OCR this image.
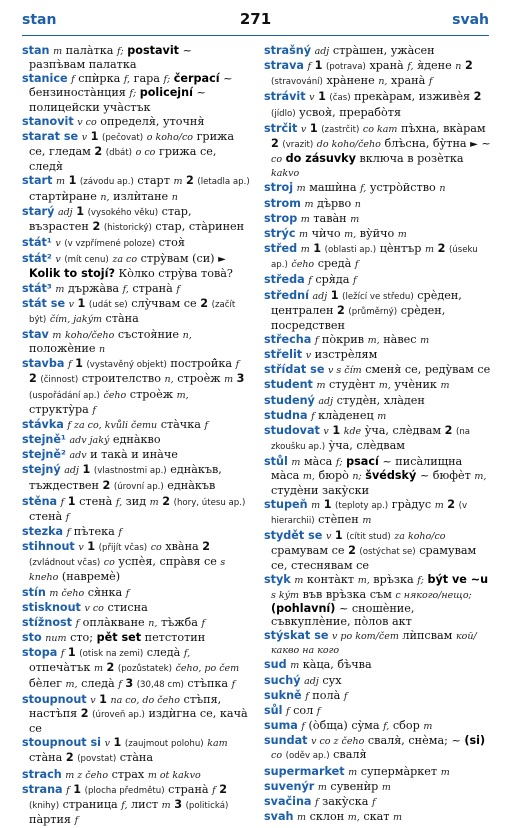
stan	271	svah

stan m пала̀тка f; postavit ~ разпъ̀вам палатка

stanice f спѝрка f, гара f; čerpací ~ бензиноста̀нция f; policejní ~ полицейски уча̀стък

stanovit v co определя̀, уточня̀

starat se v 1 (pečovat) o koho/co грижа се, гледам 2 (dbát) o co грижа се, следя̀

start m 1 (závodu ap.) старт m 2 (letadla ap.) стартѝране n, излѝтане n

starý adj 1 (vysokého věku) стар, възрастен 2 (historický) стар, ста̀ринен

stát¹ v (v vzpřímené poloze) стоя̀

stát² v (mít cenu) za co стру̀вам (си) ► Kolik to stojí? Ко̀лко стру̀ва това̀?

stát³ m държа̀ва f, страна̀ f

stát se v 1 (udát se) слу̀чвам се 2 (začít být) čím, jakým ста̀на

stav m koho/čeho състоя̀ние n, положѐние n

stavba f 1 (vystavěný objekt) построй̀ка f 2 (činnost) строителство n, строѐж m 3 (uspořádání ap.) čeho строѐж m, структу̀ра f

stávka f za co, kvůli čemu ста̀чка f

stejně¹ adv jaký една̀кво

stejně² adv и така̀ и ина̀че

stejný adj 1 (vlastnostmi ap.) една̀къв, тъждествен 2 (úrovní ap.) една̀къв

stěna f 1 стена̀ f, зид m 2 (hory, útesu ap.) стена̀ f

stezka f пъ̀тека f

stihnout v 1 (přijít včas) co хва̀на 2 (zvládnout včas) co успѐя, спра̀вя се s kneho (навремѐ)

stín m čeho ся̀нка f

stisknout v co стисна

stížnost f опла̀кване n, тъ̀жба f

sto num сто; pět set петстотин

stopa f 1 (otisk na zemi) следа̀ f, отпеча̀тък m 2 (pozůstatek) čeho, po čem бѐлег m, следа̀ f 3 (30,48 cm) стъ̀пка f

stoupnout v 1 na co, do čeho стъ̀пя, настъ̀пя 2 (úroveň ap.) издѝгна се, кача̀ се

stoupnout si v 1 (zaujmout polohu) kam ста̀на 2 (povstat) ста̀на

strach m z čeho страх m ot kakvo

strana f 1 (plocha předmětu) страна̀ f 2 (knihy) страница f, лист m 3 (politická) па̀ртия f

strašný adj стра̀шен, ужа̀сен

strava f 1 (potrava) храна̀ f, я̀дене n 2 (stravování) хра̀нене n, храна̀ f

strávit v 1 (čas) прека̀рам, изживѐя 2 (jídlo) усвоя̀, прерабо̀тя

strčit v 1 (zastrčit) co kam пъ̀хна, вка̀рам 2 (vrazit) do koho/čeho блъ̀сна, бу̀тна ► ~ co do zásuvky включа в розѐтка kakvo

stroj m машѝна f, устро̀йство n

strom m дъ̀рво n

strop m тава̀н m

strýc m чѝчо m, ву̀йчо m

střed m 1 (oblasti ap.) цѐнтър m 2 (úseku ap.) čeho среда̀ f

středa f сря̀да f

střední adj 1 (ležící ve středu) срѐден, централен 2 (průměrný) срѐден, посредствен

střecha f по̀крив m, на̀вес m

střelit v изстрѐлям

střídat se v s čím сменя̀ се, реду̀вам се

student m студѐнт m, учѐник m

studený adj студѐн, хла̀ден

studna f кла̀денец m

studovat v 1 kde у̀ча, слѐдвам 2 (na zkoušku ap.) у̀ча, слѐдвам

stůl m ма̀са f; psací ~ писа̀лищна ма̀са m, бюро̀ n; švédský ~ бюфѐт m, студѐни заку̀ски

stupeň m 1 (teploty ap.) гра̀дус m 2 (v hierarchii) стѐпен m

stydět se v 1 (cítit stud) za koho/co срамувам се 2 (ostýchat se) срамувам се, стеснявам се

styk m конта̀кт m, връ̀зка f; být ve ~u s kým във връ̀зка съм с някого/нещо; (pohlavní) ~ сношѐние, съвкуплѐние, по̀лов акт

stýskat se v po kom/čem лѝпсвам кой/какво на кого

sud m ка̀ца, бъ̀чва

suchý adj сух

sukně f пола̀ f

sůl f сол f

suma f (о̀бща) су̀ма f, сбор m

sundat v co z čeho сваля̀, снѐма; ~ (si) co (oděv ap.) сваля̀

supermarket m суперма̀ркет m

suvenýr m сувенѝр m

svačina f заку̀ска f

svah m склон m, скат m
